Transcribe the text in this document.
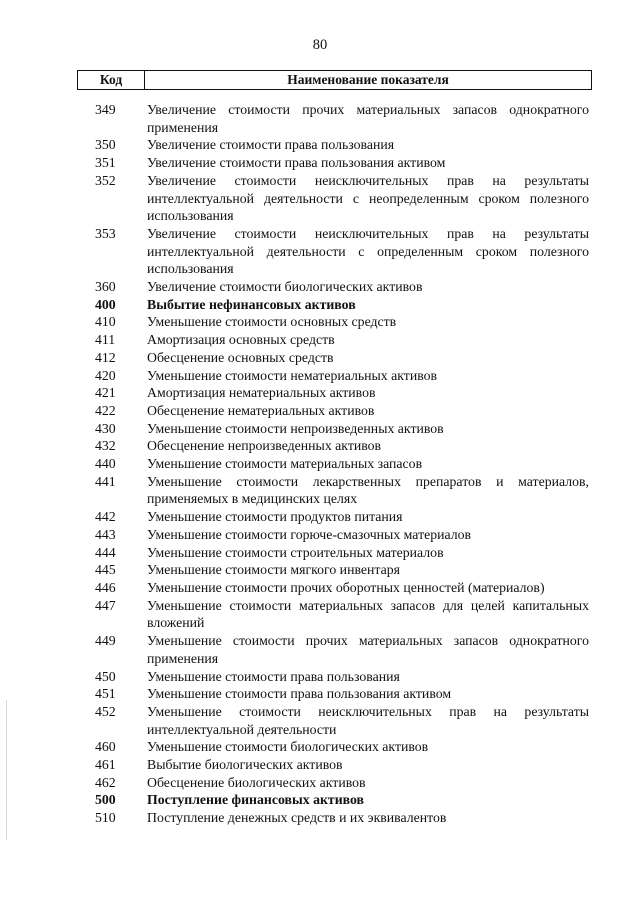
80
Код	Наименование показателя
349	Увеличение стоимости прочих материальных запасов однократного применения
350	Увеличение стоимости права пользования
351	Увеличение стоимости права пользования активом
352	Увеличение стоимости неисключительных прав на результаты интеллектуальной деятельности с неопределенным сроком полезного использования
353	Увеличение стоимости неисключительных прав на результаты интеллектуальной деятельности с определенным сроком полезного использования
360	Увеличение стоимости биологических активов
400	Выбытие нефинансовых активов
410	Уменьшение стоимости основных средств
411	Амортизация основных средств
412	Обесценение основных средств
420	Уменьшение стоимости нематериальных активов
421	Амортизация нематериальных активов
422	Обесценение нематериальных активов
430	Уменьшение стоимости непроизведенных активов
432	Обесценение непроизведенных активов
440	Уменьшение стоимости материальных запасов
441	Уменьшение стоимости лекарственных препаратов и материалов, применяемых в медицинских целях
442	Уменьшение стоимости продуктов питания
443	Уменьшение стоимости горюче-смазочных материалов
444	Уменьшение стоимости строительных материалов
445	Уменьшение стоимости мягкого инвентаря
446	Уменьшение стоимости прочих оборотных ценностей (материалов)
447	Уменьшение стоимости материальных запасов для целей капитальных вложений
449	Уменьшение стоимости прочих материальных запасов однократного применения
450	Уменьшение стоимости права пользования
451	Уменьшение стоимости права пользования активом
452	Уменьшение стоимости неисключительных прав на результаты интеллектуальной деятельности
460	Уменьшение стоимости биологических активов
461	Выбытие биологических активов
462	Обесценение биологических активов
500	Поступление финансовых активов
510	Поступление денежных средств и их эквивалентов
